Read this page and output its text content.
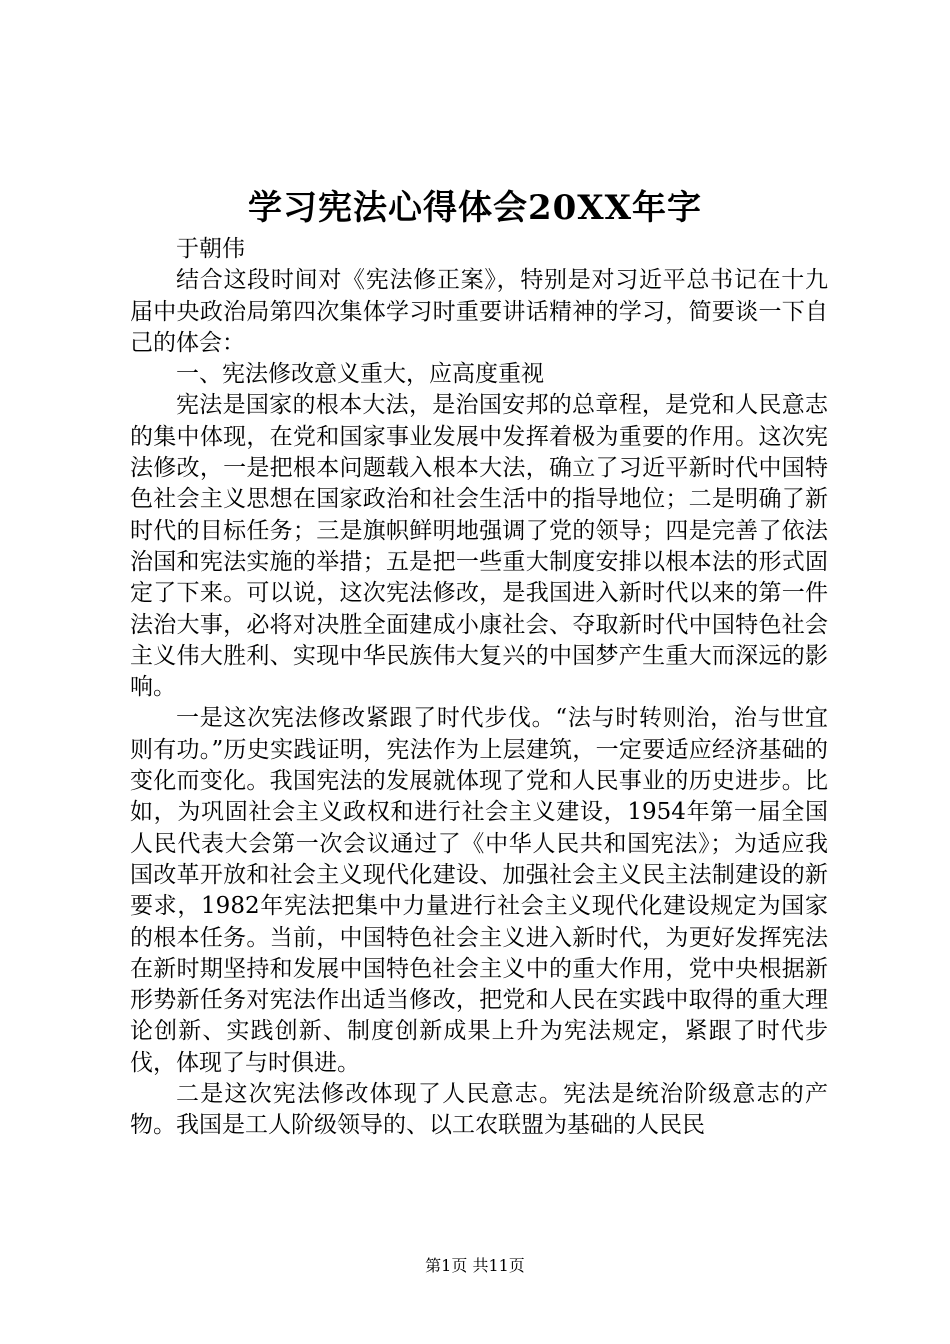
学习宪法心得体会20XX年字

于朝伟

结合这段时间对《宪法修正案》，特别是对习近平总书记在十九届中央政治局第四次集体学习时重要讲话精神的学习，简要谈一下自己的体会：

一、宪法修改意义重大，应高度重视

宪法是国家的根本大法，是治国安邦的总章程，是党和人民意志的集中体现，在党和国家事业发展中发挥着极为重要的作用。这次宪法修改，一是把根本问题载入根本大法，确立了习近平新时代中国特色社会主义思想在国家政治和社会生活中的指导地位；二是明确了新时代的目标任务；三是旗帜鲜明地强调了党的领导；四是完善了依法治国和宪法实施的举措；五是把一些重大制度安排以根本法的形式固定了下来。可以说，这次宪法修改，是我国进入新时代以来的第一件法治大事，必将对决胜全面建成小康社会、夺取新时代中国特色社会主义伟大胜利、实现中华民族伟大复兴的中国梦产生重大而深远的影响。

一是这次宪法修改紧跟了时代步伐。“法与时转则治，治与世宜则有功。”历史实践证明，宪法作为上层建筑，一定要适应经济基础的变化而变化。我国宪法的发展就体现了党和人民事业的历史进步。比如，为巩固社会主义政权和进行社会主义建设，1954年第一届全国人民代表大会第一次会议通过了《中华人民共和国宪法》；为适应我国改革开放和社会主义现代化建设、加强社会主义民主法制建设的新要求，1982年宪法把集中力量进行社会主义现代化建设规定为国家的根本任务。当前，中国特色社会主义进入新时代，为更好发挥宪法在新时期坚持和发展中国特色社会主义中的重大作用，党中央根据新形势新任务对宪法作出适当修改，把党和人民在实践中取得的重大理论创新、实践创新、制度创新成果上升为宪法规定，紧跟了时代步伐，体现了与时俱进。

二是这次宪法修改体现了人民意志。宪法是统治阶级意志的产物。我国是工人阶级领导的、以工农联盟为基础的人民民

第1页 共11页
